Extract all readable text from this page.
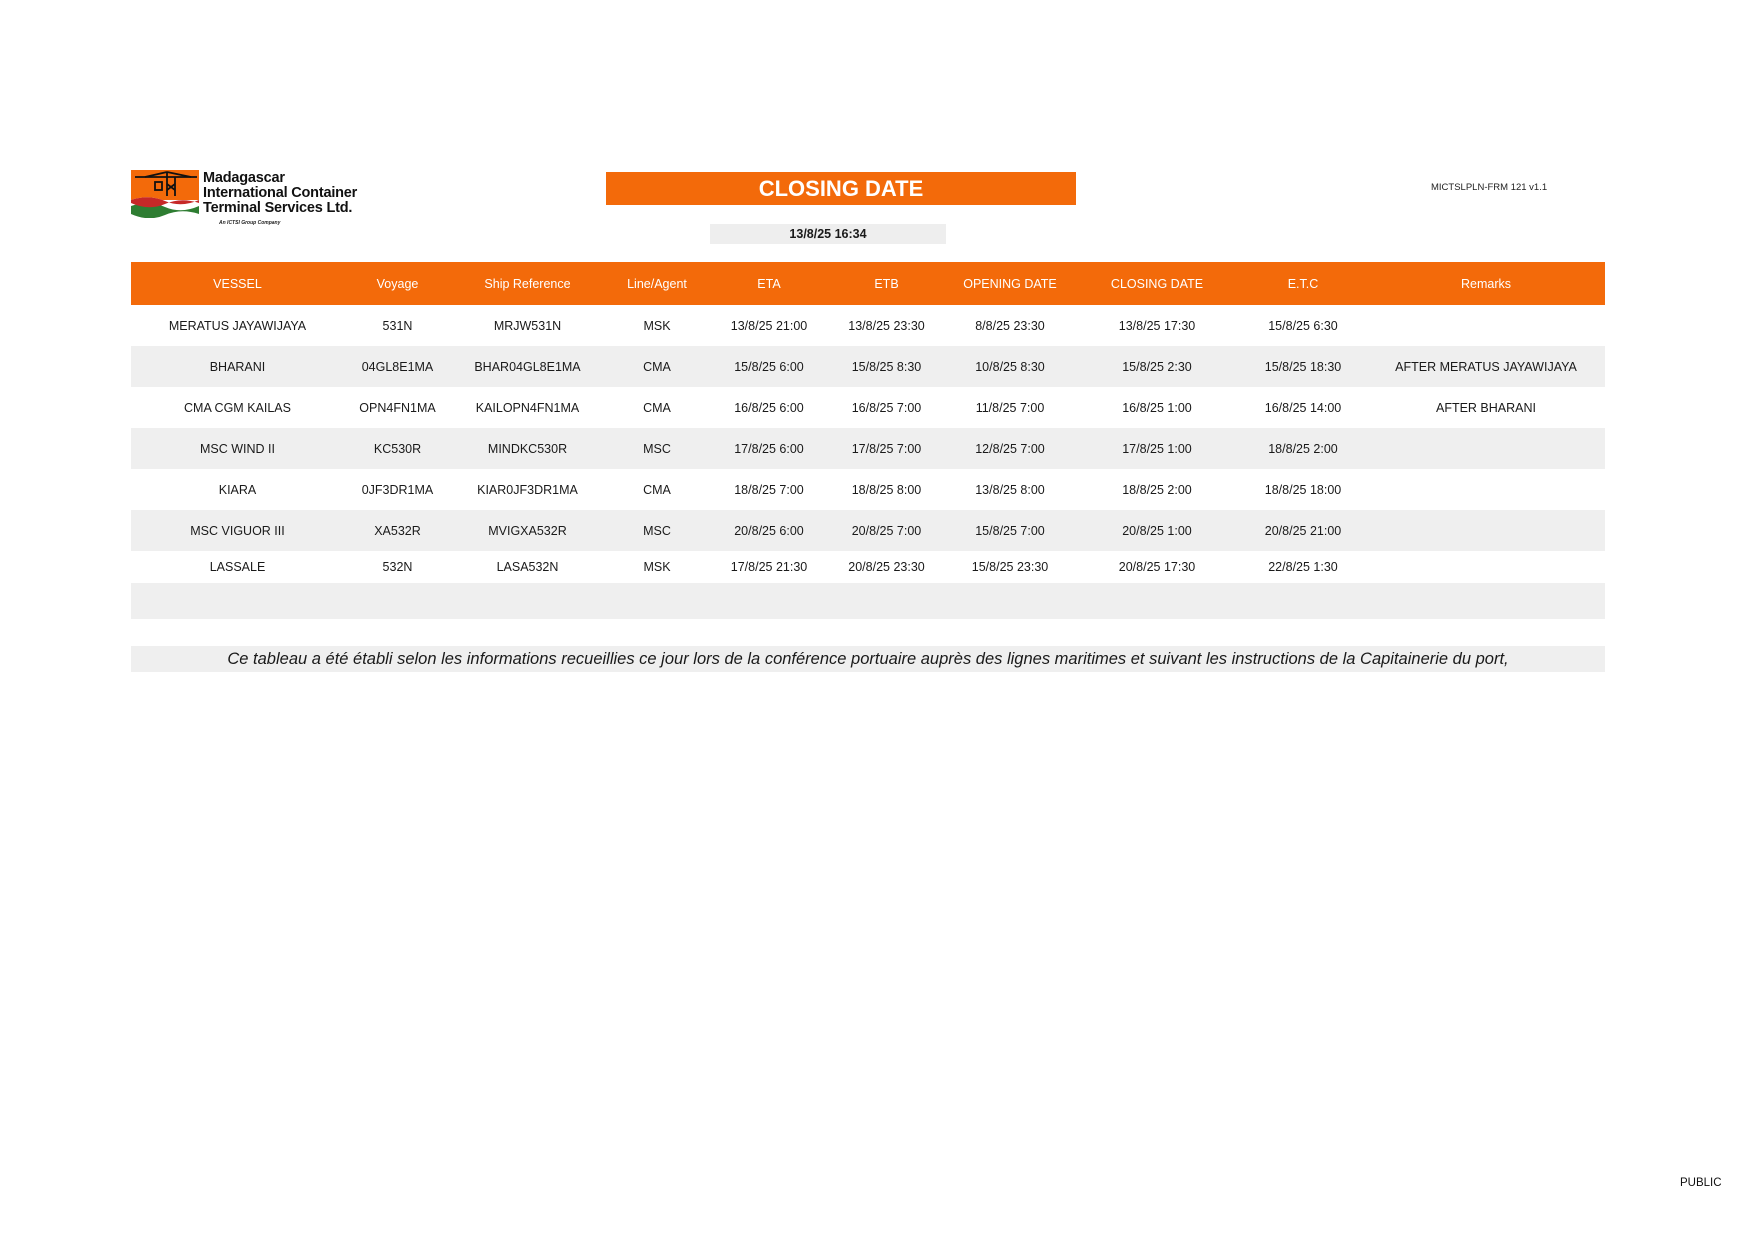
Madagascar
International Container
Terminal Services Ltd.
An ICTSI Group Company
CLOSING DATE	MICTSLPLN-FRM 121 v1.1
13/8/25 16:34
VESSEL	Voyage	Ship Reference	Line/Agent	ETA	ETB	OPENING DATE	CLOSING DATE	E.T.C	Remarks
MERATUS JAYAWIJAYA	531N	MRJW531N	MSK	13/8/25 21:00	13/8/25 23:30	8/8/25 23:30	13/8/25 17:30	15/8/25 6:30	
BHARANI	04GL8E1MA	BHAR04GL8E1MA	CMA	15/8/25 6:00	15/8/25 8:30	10/8/25 8:30	15/8/25 2:30	15/8/25 18:30	AFTER MERATUS JAYAWIJAYA
CMA CGM KAILAS	OPN4FN1MA	KAILOPN4FN1MA	CMA	16/8/25 6:00	16/8/25 7:00	11/8/25 7:00	16/8/25 1:00	16/8/25 14:00	AFTER BHARANI
MSC WIND II	KC530R	MINDKC530R	MSC	17/8/25 6:00	17/8/25 7:00	12/8/25 7:00	17/8/25 1:00	18/8/25 2:00	
KIARA	0JF3DR1MA	KIAR0JF3DR1MA	CMA	18/8/25 7:00	18/8/25 8:00	13/8/25 8:00	18/8/25 2:00	18/8/25 18:00	
MSC VIGUOR III	XA532R	MVIGXA532R	MSC	20/8/25 6:00	20/8/25 7:00	15/8/25 7:00	20/8/25 1:00	20/8/25 21:00	
LASSALE	532N	LASA532N	MSK	17/8/25 21:30	20/8/25 23:30	15/8/25 23:30	20/8/25 17:30	22/8/25 1:30	

Ce tableau a été établi selon les informations recueillies ce jour lors de la conférence portuaire auprès des lignes maritimes et suivant les instructions de la Capitainerie du port,
PUBLIC
